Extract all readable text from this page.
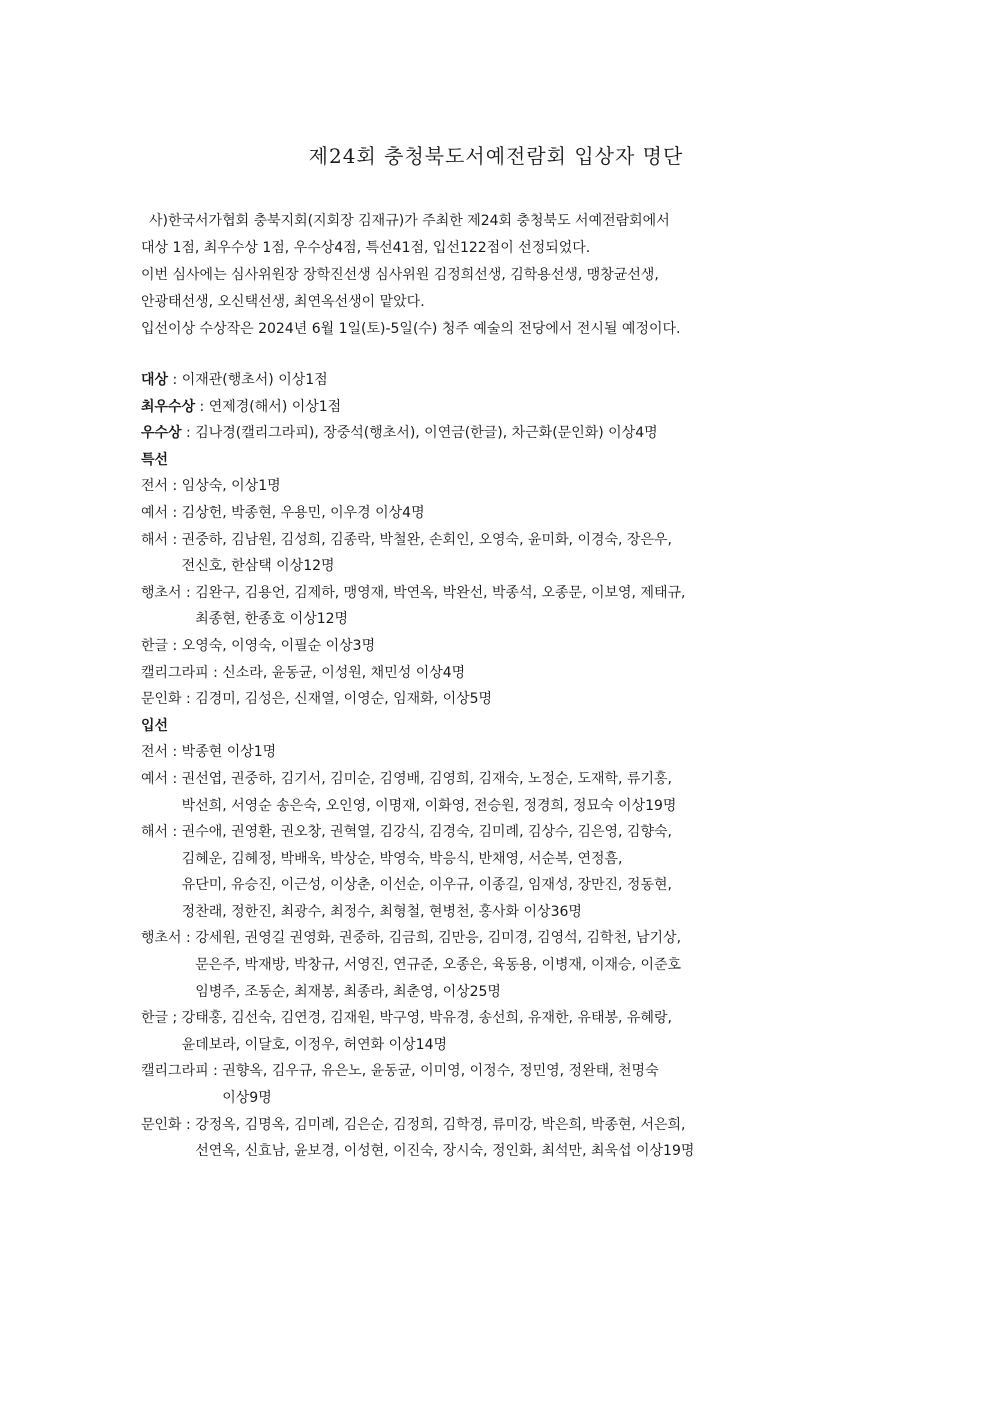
제24회 충청북도서예전람회 입상자 명단
사)한국서가협회 충북지회(지회장 김재규)가 주최한 제24회 충청북도 서예전람회에서
대상 1점, 최우수상 1점, 우수상4점, 특선41점, 입선122점이 선정되었다.
이번 심사에는 심사위원장 장학진선생 심사위원 김정희선생, 김학용선생, 맹창균선생,
안광태선생, 오신택선생, 최연옥선생이 맡았다.
입선이상 수상작은 2024년 6월 1일(토)-5일(수) 청주 예술의 전당에서 전시될 예정이다.
대상 : 이재관(행초서) 이상1점
최우수상 : 연제경(해서) 이상1점
우수상 : 김나경(캘리그라피), 장중석(행초서), 이연금(한글), 차근화(문인화) 이상4명
특선
전서 : 임상숙, 이상1명
예서 : 김상헌, 박종현, 우용민, 이우경 이상4명
해서 : 권중하, 김남원, 김성희, 김종락, 박철완, 손회인, 오영숙, 윤미화, 이경숙, 장은우,
전신호, 한삼택 이상12명
행초서 : 김완구, 김용언, 김제하, 맹영재, 박연옥, 박완선, 박종석, 오종문, 이보영, 제태규,
최종현, 한종호 이상12명
한글 : 오영숙, 이영숙, 이필순 이상3명
캘리그라피 : 신소라, 윤동균, 이성원, 채민성 이상4명
문인화 : 김경미, 김성은, 신재열, 이영순, 임재화, 이상5명
입선
전서 : 박종현 이상1명
예서 : 권선엽, 권중하, 김기서, 김미순, 김영배, 김영희, 김재숙, 노정순, 도재학, 류기홍,
박선희, 서영순 송은숙, 오인영, 이명재, 이화영, 전승원, 정경희, 정묘숙 이상19명
해서 : 권수애, 권영환, 권오창, 권혁열, 김강식, 김경숙, 김미례, 김상수, 김은영, 김향숙,
김혜운, 김혜정, 박배욱, 박상순, 박영숙, 박응식, 반채영, 서순복, 연정흠,
유단미, 유승진, 이근성, 이상춘, 이선순, 이우규, 이종길, 임재성, 장만진, 정동현,
정찬래, 정한진, 최광수, 최정수, 최형철, 현병천, 홍사화 이상36명
행초서 : 강세원, 권영길 권영화, 권중하, 김금희, 김만응, 김미경, 김영석, 김학천, 남기상,
문은주, 박재방, 박창규, 서영진, 연규준, 오종은, 육동용, 이병재, 이재승, 이준호
임병주, 조동순, 최재봉, 최종라, 최춘영, 이상25명
한글 ; 강태홍, 김선숙, 김연경, 김재원, 박구영, 박유경, 송선희, 유재한, 유태봉, 유혜랑,
윤데보라, 이달호, 이정우, 허연화 이상14명
캘리그라피 : 권향옥, 김우규, 유은노, 윤동균, 이미영, 이정수, 정민영, 정완태, 천명숙
이상9명
문인화 : 강정옥, 김명옥, 김미례, 김은순, 김정희, 김학경, 류미강, 박은희, 박종현, 서은희,
선연옥, 신효남, 윤보경, 이성현, 이진숙, 장시숙, 정인화, 최석만, 최욱섭 이상19명
